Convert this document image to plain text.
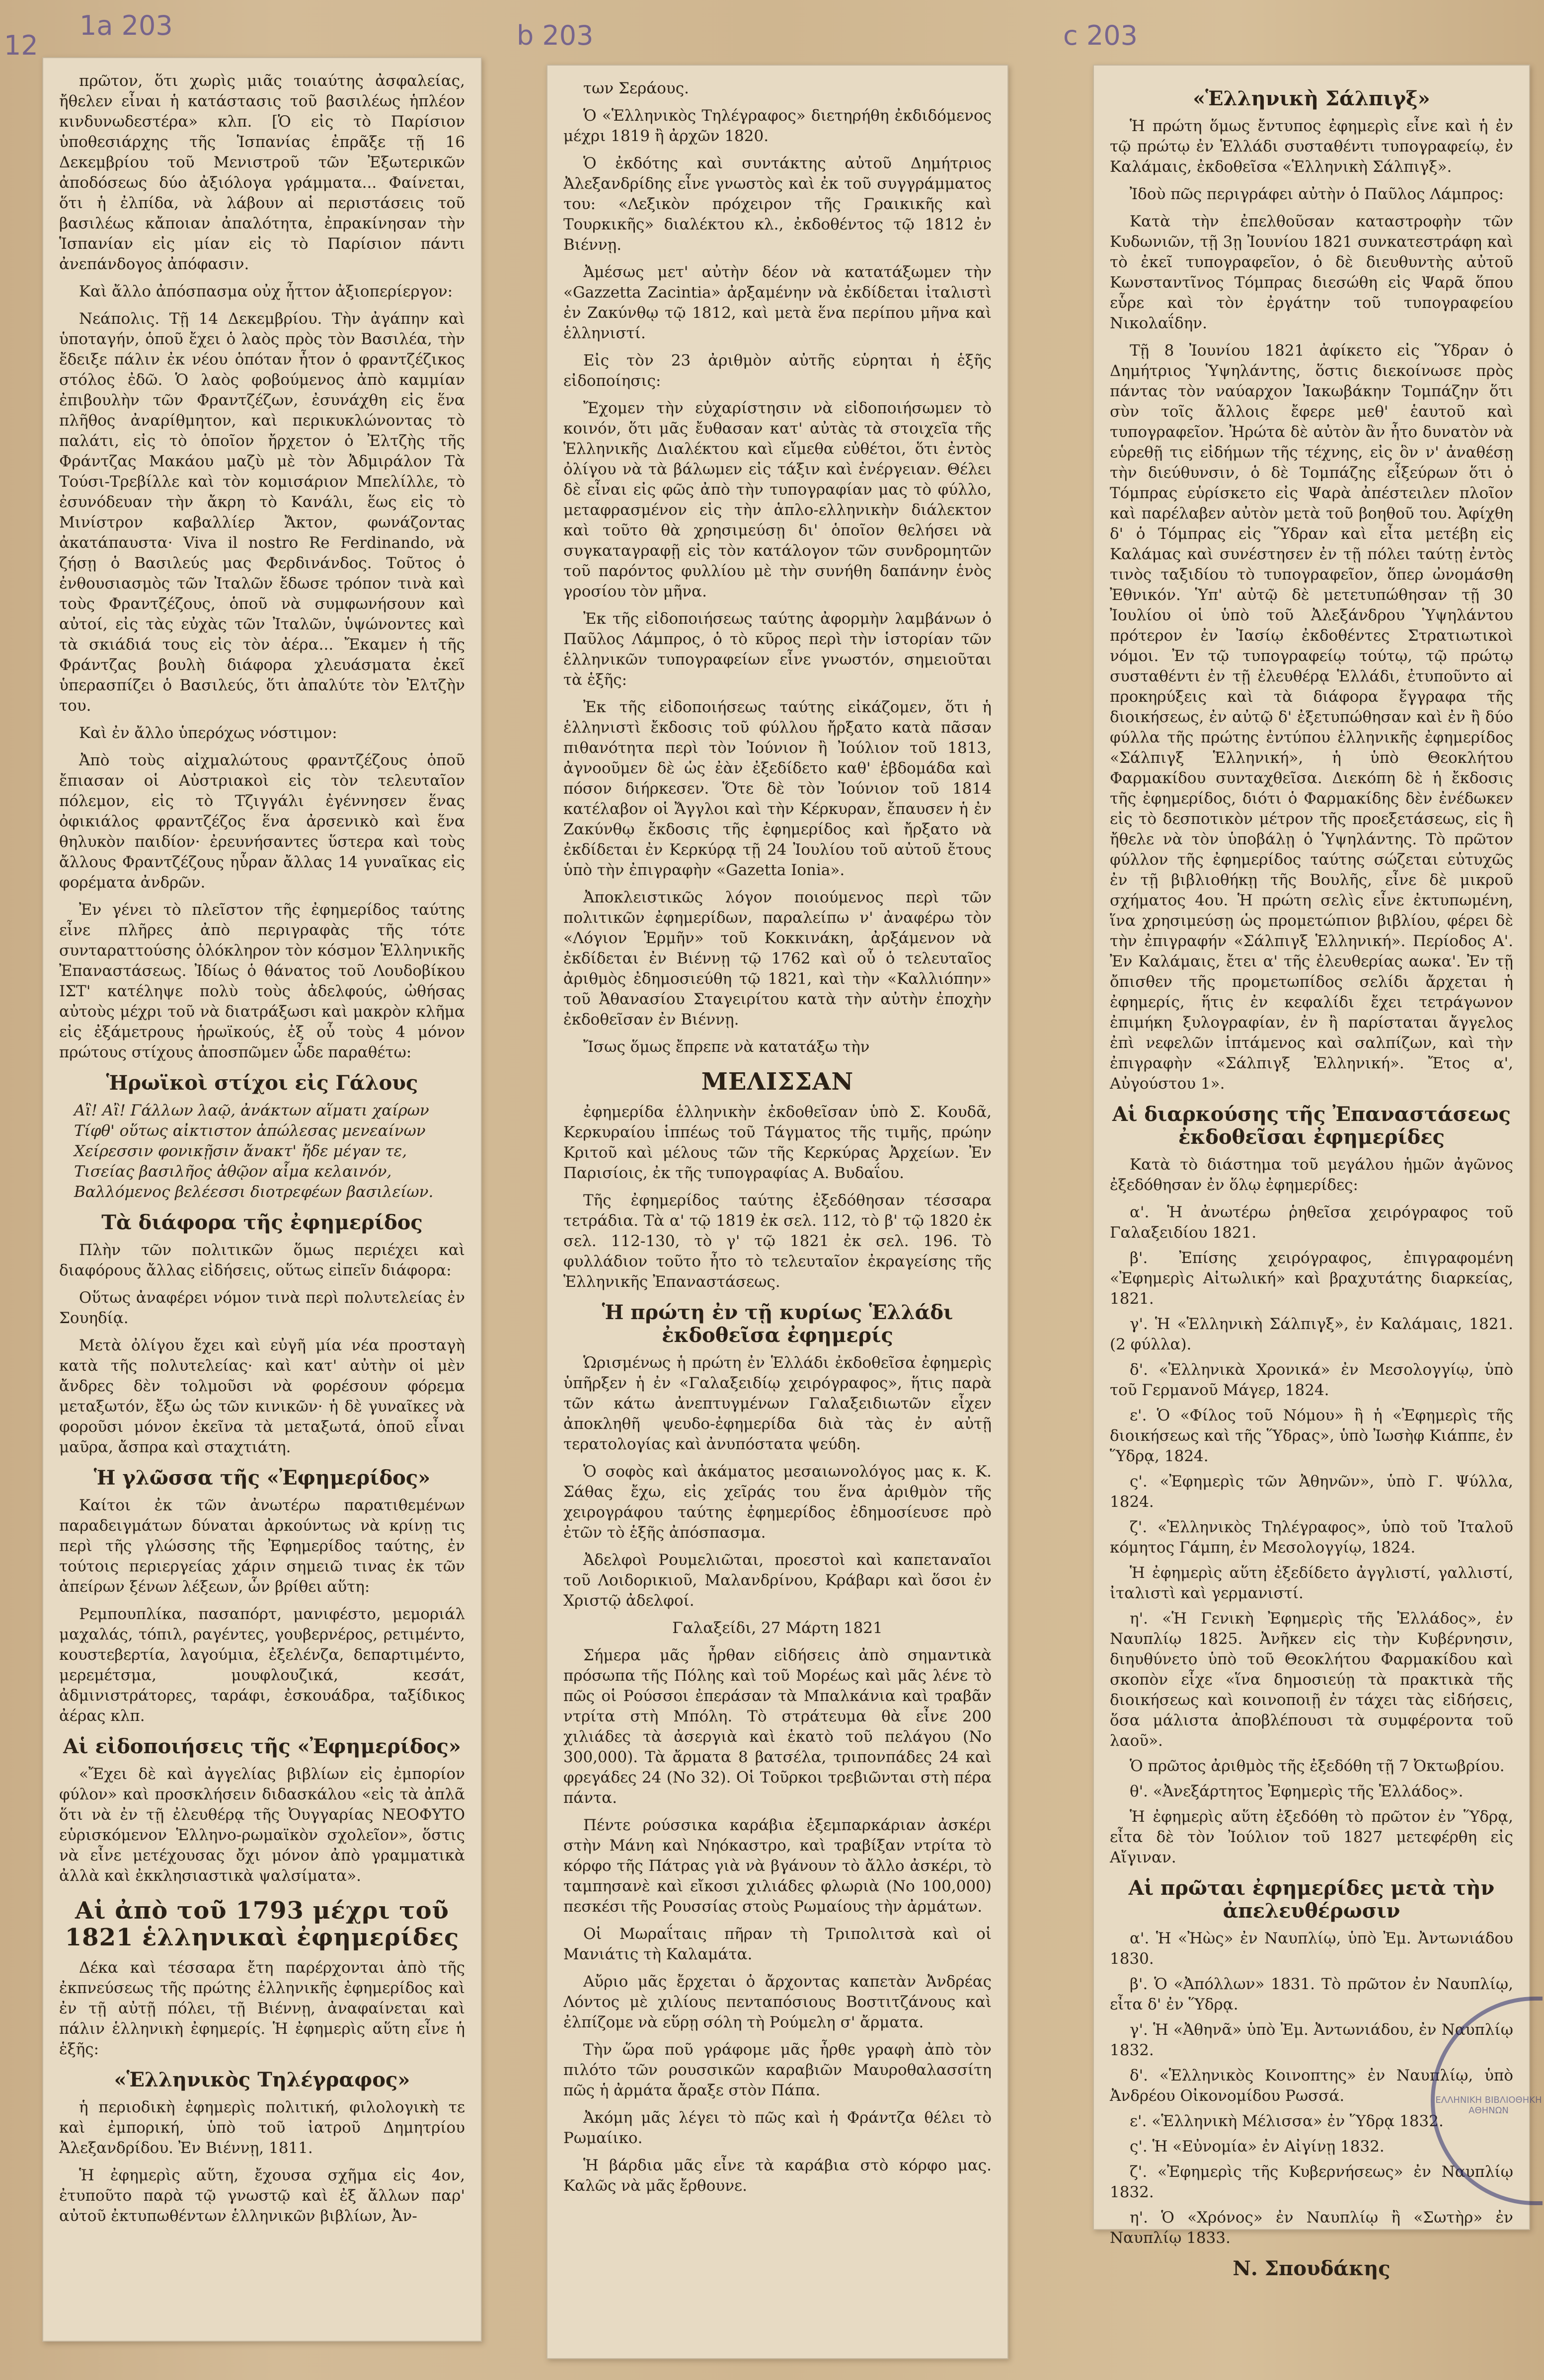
12
1a 203	b 203	c 203

πρῶτον, ὅτι χωρὶς μιᾶς τοιαύτης ἀσφαλείας, ἤθελεν εἶναι ἡ κατάστασις τοῦ βασιλέως ἡπλέον κινδυνωδεστέρα» κλπ. [Ὁ εἰς τὸ Παρίσιον ὑποθεσιάρχης τῆς Ἱσπανίας ἐπρᾶξε τῇ 16 Δεκεμβρίου τοῦ Μενιστροῦ τῶν Ἐξωτερικῶν ἀποδόσεως δύο ἀξιόλογα γράμματα... Φαίνεται, ὅτι ἡ ἐλπίδα, νὰ λάβουν αἱ περιστάσεις τοῦ βασιλέως κἄποιαν ἀπαλότητα, ἐπρακίνησαν τὴν Ἱσπανίαν εἰς μίαν εἰς τὸ Παρίσιον πάντι ἀνεπάνδογος ἀπόφασιν.

Καὶ ἄλλο ἀπόσπασμα οὐχ ἧττον ἀξιοπερίεργον:

Νεάπολις. Τῇ 14 Δεκεμβρίου. Τὴν ἀγάπην καὶ ὑποταγήν, ὁποῦ ἔχει ὁ λαὸς πρὸς τὸν Βασιλέα, τὴν ἔδειξε πάλιν ἐκ νέου ὁπόταν ἦτον ὁ φραντζέζικος στόλος ἐδῶ. Ὁ λαὸς φοβούμενος ἀπὸ καμμίαν ἐπιβουλὴν τῶν Φραντζέζων, ἐσυνάχθη εἰς ἕνα πλῆθος ἀναρίθμητον, καὶ περικυκλώνοντας τὸ παλάτι, εἰς τὸ ὁποῖον ἤρχετον ὁ Ἐλτζὴς τῆς Φράντζας Μακάου μαζὺ μὲ τὸν Ἀδμιράλον Τὰ Τούσι-Τρεβίλλε καὶ τὸν κομισάριον Μπελίλλε, τὸ ἐσυνόδευαν τὴν ἄκρη τὸ Κανάλι, ἕως εἰς τὸ Μινίστρον καβαλλίερ Ἄκτον, φωνάζοντας ἀκατάπαυστα· Viva il nostro Re Ferdinando, νὰ ζήσῃ ὁ Βασιλεύς μας Φερδινάνδος. Τοῦτος ὁ ἐνθουσιασμὸς τῶν Ἰταλῶν ἔδωσε τρόπον τινὰ καὶ τοὺς Φραντζέζους, ὁποῦ νὰ συμφωνήσουν καὶ αὐτοί, εἰς τὰς εὐχὰς τῶν Ἰταλῶν, ὑψώνοντες καὶ τὰ σκιάδιά τους εἰς τὸν ἀέρα... Ἔκαμεν ἡ τῆς Φράντζας βουλὴ διάφορα χλευάσματα ἐκεῖ ὑπερασπίζει ὁ Βασιλεύς, ὅτι ἀπαλύτε τὸν Ἐλτζὴν του.

Καὶ ἐν ἄλλο ὑπερόχως νόστιμον:

Ἀπὸ τοὺς αἰχμαλώτους φραντζέζους ὁποῦ ἔπιασαν οἱ Αὐστριακοὶ εἰς τὸν τελευταῖον πόλεμον, εἰς τὸ Τζιγγάλι ἐγέννησεν ἕνας ὀφικιάλος φραντζέζος ἕνα ἀρσενικὸ καὶ ἕνα θηλυκὸν παιδίον· ἐρευνήσαντες ὕστερα καὶ τοὺς ἄλλους Φραντζέζους ηὗραν ἄλλας 14 γυναῖκας εἰς φορέματα ἀνδρῶν.

Ἐν γένει τὸ πλεῖστον τῆς ἐφημερίδος ταύτης εἶνε πλῆρες ἀπὸ περιγραφὰς τῆς τότε συνταραττούσης ὁλόκληρον τὸν κόσμον Ἑλληνικῆς Ἐπαναστάσεως. Ἰδίως ὁ θάνατος τοῦ Λουδοβίκου ΙΣΤ' κατέληψε πολὺ τοὺς ἀδελφούς, ὠθήσας αὐτοὺς μέχρι τοῦ νὰ διατράξωσι καὶ μακρὸν κλῆμα εἰς ἐξάμετρους ἡρωϊκούς, ἐξ οὗ τοὺς 4 μόνον πρώτους στίχους ἀποσπῶμεν ὧδε παραθέτω:

Ἡρωϊκοὶ στίχοι εἰς Γάλους
Αἲ! Αἲ! Γάλλων λαῷ, ἀνάκτων αἵματι χαίρων
Τίφθ' οὕτως αἰκτιστον ἀπώλεσας μενεαίνων
Χείρεσσιν φονικῇσιν ἄνακτ' ἤδε μέγαν τε,
Τισείας βασιλῆος ἀθῷον αἷμα κελαινόν,
Βαλλόμενος βελέεσσι διοτρεφέων βασιλείων.
Τὰ διάφορα τῆς ἐφημερίδος

Πλὴν τῶν πολιτικῶν ὅμως περιέχει καὶ διαφόρους ἄλλας εἰδήσεις, οὕτως εἰπεῖν διάφορα:

Οὕτως ἀναφέρει νόμον τινὰ περὶ πολυτελείας ἐν Σουηδίᾳ.

Μετὰ ὀλίγου ἔχει καὶ εὐγῆ μία νέα προσταγὴ κατὰ τῆς πολυτελείας· καὶ κατ' αὐτὴν οἱ μὲν ἄνδρες δὲν τολμοῦσι νὰ φορέσουν φόρεμα μεταξωτόν, ἔξω ὡς τῶν κινικῶν· ἡ δὲ γυναῖκες νὰ φοροῦσι μόνον ἐκεῖνα τὰ μεταξωτά, ὁποῦ εἶναι μαῦρα, ἄσπρα καὶ σταχτιάτη.

Ἡ γλῶσσα τῆς «Ἐφημερίδος»

Καίτοι ἐκ τῶν ἀνωτέρω παρατιθεμένων παραδειγμάτων δύναται ἀρκούντως νὰ κρίνῃ τις περὶ τῆς γλώσσης τῆς Ἐφημερίδος ταύτης, ἐν τούτοις περιεργείας χάριν σημειῶ τινας ἐκ τῶν ἀπείρων ξένων λέξεων, ὧν βρίθει αὕτη:

Ρεμπουπλίκα, πασαπόρτ, μανιφέστο, μεμοριάλ μαχαλάς, τόπιλ, ραγέντες, γουβερνέρος, ρετιμέντο, κουστεβερτία, λαγούμια, ἐξελένζα, δεπαρτιμέντο, μερεμέτσμα, μουφλουζικά, κεσάτ, ἀδμινιστράτορες, ταράφι, ἐσκουάδρα, ταξίδικος ἀέρας κλπ.

Αἱ εἰδοποιήσεις τῆς «Ἐφημερίδος»

«Ἔχει δὲ καὶ ἀγγελίας βιβλίων εἰς ἐμπορίον φύλον» καὶ προσκλήσειν διδασκάλου «εἰς τὰ ἀπλᾶ ὅτι νὰ ἐν τῇ ἐλευθέρᾳ τῆς Ὀυγγαρίας ΝΕΟΦΥΤΟ εὑρισκόμενον Ἑλληνο-ρωμαϊκὸν σχολεῖον», ὅστις νὰ εἶνε μετέχουσας ὄχι μόνον ἀπὸ γραμματικὰ ἀλλὰ καὶ ἐκκλησιαστικὰ ψαλσίματα».

Αἱ ἀπὸ τοῦ 1793 μέχρι τοῦ 1821 ἑλληνικαὶ ἐφημερίδες

Δέκα καὶ τέσσαρα ἔτη παρέρχονται ἀπὸ τῆς ἐκπνεύσεως τῆς πρώτης ἑλληνικῆς ἐφημερίδος καὶ ἐν τῇ αὐτῇ πόλει, τῇ Βιέννῃ, ἀναφαίνεται καὶ πάλιν ἑλληνικὴ ἐφημερίς. Ἡ ἐφημερὶς αὕτη εἶνε ἡ ἑξῆς:

«Ἑλληνικὸς Τηλέγραφος»

ἡ περιοδικὴ ἐφημερὶς πολιτική, φιλολογικὴ τε καὶ ἐμπορική, ὑπὸ τοῦ ἰατροῦ Δημητρίου Ἀλεξανδρίδου. Ἐν Βιέννῃ, 1811.

Ἡ ἐφημερὶς αὕτη, ἔχουσα σχῆμα εἰς 4ον, ἐτυποῦτο παρὰ τῷ γνωστῷ καὶ ἐξ ἄλλων παρ' αὐτοῦ ἐκτυπωθέντων ἑλληνικῶν βιβλίων, Ἀν-

των Σεράους.

Ὁ «Ἑλληνικὸς Τηλέγραφος» διετηρήθη ἐκδιδόμενος μέχρι 1819 ἢ ἀρχῶν 1820.

Ὁ ἐκδότης καὶ συντάκτης αὐτοῦ Δημήτριος Ἀλεξανδρίδης εἶνε γνωστὸς καὶ ἐκ τοῦ συγγράμματος του: «Λεξικὸν πρόχειρον τῆς Γραικικῆς καὶ Τουρκικῆς» διαλέκτου κλ., ἐκδοθέντος τῷ 1812 ἐν Βιέννῃ.

Ἀμέσως μετ' αὐτὴν δέον νὰ κατατάξωμεν τὴν «Gazzetta Zacintia» ἀρξαμένην νὰ ἐκδίδεται ἰταλιστὶ ἐν Ζακύνθῳ τῷ 1812, καὶ μετὰ ἕνα περίπου μῆνα καὶ ἑλληνιστί.

Εἰς τὸν 23 ἀριθμὸν αὐτῆς εὑρηται ἡ ἑξῆς εἰδοποίησις:

Ἔχομεν τὴν εὐχαρίστησιν νὰ εἰδοποιήσωμεν τὸ κοινόν, ὅτι μᾶς ἔυθασαν κατ' αὐτὰς τὰ στοιχεῖα τῆς Ἑλληνικῆς Διαλέκτου καὶ εἴμεθα εὐθέτοι, ὅτι ἐντὸς ὀλίγου νὰ τὰ βάλωμεν εἰς τάξιν καὶ ἐνέργειαν. Θέλει δὲ εἶναι εἰς φῶς ἀπὸ τὴν τυπογραφίαν μας τὸ φύλλο, μεταφρασμένον εἰς τὴν ἁπλο-ελληνικὴν διάλεκτον καὶ τοῦτο θὰ χρησιμεύσῃ δι' ὁποῖον θελήσει νὰ συγκαταγραφῇ εἰς τὸν κατάλογον τῶν συνδρομητῶν τοῦ παρόντος φυλλίου μὲ τὴν συνήθη δαπάνην ἑνὸς γροσίου τὸν μῆνα.

Ἐκ τῆς εἰδοποιήσεως ταύτης ἀφορμὴν λαμβάνων ὁ Παῦλος Λάμπρος, ὁ τὸ κῦρος περὶ τὴν ἱστορίαν τῶν ἑλληνικῶν τυπογραφείων εἶνε γνωστόν, σημειοῦται τὰ ἑξῆς:

Ἐκ τῆς εἰδοποιήσεως ταύτης εἰκάζομεν, ὅτι ἡ ἑλληνιστὶ ἔκδοσις τοῦ φύλλου ἤρξατο κατὰ πᾶσαν πιθανότητα περὶ τὸν Ἰούνιον ἢ Ἰούλιον τοῦ 1813, ἀγνοοῦμεν δὲ ὡς ἐὰν ἐξεδίδετο καθ' ἑβδομάδα καὶ πόσον διήρκεσεν. Ὅτε δὲ τὸν Ἰούνιον τοῦ 1814 κατέλαβον οἱ Ἄγγλοι καὶ τὴν Κέρκυραν, ἔπαυσεν ἡ ἐν Ζακύνθῳ ἔκδοσις τῆς ἐφημερίδος καὶ ἤρξατο νὰ ἐκδίδεται ἐν Κερκύρᾳ τῇ 24 Ἰουλίου τοῦ αὐτοῦ ἔτους ὑπὸ τὴν ἐπιγραφὴν «Gazetta Ionia».

Ἀποκλειστικῶς λόγον ποιούμενος περὶ τῶν πολιτικῶν ἐφημερίδων, παραλείπω ν' ἀναφέρω τὸν «Λόγιον Ἑρμῆν» τοῦ Κοκκινάκη, ἀρξάμενον νὰ ἐκδίδεται ἐν Βιέννῃ τῷ 1762 καὶ οὗ ὁ τελευταῖος ἀριθμὸς ἐδημοσιεύθη τῷ 1821, καὶ τὴν «Καλλιόπην» τοῦ Ἀθανασίου Σταγειρίτου κατὰ τὴν αὐτὴν ἐποχὴν ἐκδοθεῖσαν ἐν Βιέννῃ.

Ἴσως ὅμως ἔπρεπε νὰ κατατάξω τὴν

ΜΕΛΙΣΣΑΝ

ἐφημερίδα ἑλληνικὴν ἐκδοθεῖσαν ὑπὸ Σ. Κουδᾶ, Κερκυραίου ἱππέως τοῦ Τάγματος τῆς τιμῆς, πρώην Κριτοῦ καὶ μέλους τῶν τῆς Κερκύρας Ἀρχείων. Ἐν Παρισίοις, ἐκ τῆς τυπογραφίας Α. Βυδαΐου.

Τῆς ἐφημερίδος ταύτης ἐξεδόθησαν τέσσαρα τετράδια. Τὰ α' τῷ 1819 ἐκ σελ. 112, τὸ β' τῷ 1820 ἐκ σελ. 112-130, τὸ γ' τῷ 1821 ἐκ σελ. 196. Τὸ φυλλάδιον τοῦτο ἦτο τὸ τελευταῖον ἐκραγείσης τῆς Ἑλληνικῆς Ἐπαναστάσεως.

Ἡ πρώτη ἐν τῇ κυρίως Ἑλλάδι ἐκδοθεῖσα ἐφημερίς

Ὡρισμένως ἡ πρώτη ἐν Ἑλλάδι ἐκδοθεῖσα ἐφημερὶς ὑπῆρξεν ἡ ἐν «Γαλαξειδίῳ χειρόγραφος», ἥτις παρὰ τῶν κάτω ἀνεπτυγμένων Γαλαξειδιωτῶν εἶχεν ἀποκληθῆ ψευδο-ἐφημερίδα διὰ τὰς ἐν αὐτῇ τερατολογίας καὶ ἀνυπόστατα ψεύδη.

Ὁ σοφὸς καὶ ἀκάματος μεσαιωνολόγος μας κ. Κ. Σάθας ἔχω, εἰς χεῖράς του ἕνα ἀριθμὸν τῆς χειρογράφου ταύτης ἐφημερίδος ἐδημοσίευσε πρὸ ἐτῶν τὸ ἑξῆς ἀπόσπασμα.

Ἀδελφοὶ Ρουμελιῶται, προεστοὶ καὶ καπεταναῖοι τοῦ Λοιδορικιοῦ, Μαλανδρίνου, Κράβαρι καὶ ὅσοι ἐν Χριστῷ ἀδελφοί.

Γαλαξείδι, 27 Μάρτη 1821

Σήμερα μᾶς ἦρθαν εἰδήσεις ἀπὸ σημαντικὰ πρόσωπα τῆς Πόλης καὶ τοῦ Μορέως καὶ μᾶς λένε τὸ πῶς οἱ Ρούσσοι ἐπεράσαν τὰ Μπαλκάνια καὶ τραβᾶν ντρίτα στὴ Μπόλη. Τὸ στράτευμα θὰ εἶνε 200 χιλιάδες τὰ ἀσεργιὰ καὶ ἑκατὸ τοῦ πελάγου (Νο 300,000). Τὰ ἄρματα 8 βατσέλα, τριπονπάδες 24 καὶ φρεγάδες 24 (Νο 32). Οἱ Τοῦρκοι τρεβιῶνται στὴ πέρα πάντα.

Πέντε ρούσσικα καράβια ἐξεμπαρκάριαν ἀσκέρι στὴν Μάνη καὶ Νηόκαστρο, καὶ τραβίξαν ντρίτα τὸ κόρφο τῆς Πάτρας γιὰ νὰ βγάνουν τὸ ἄλλο ἀσκέρι, τὸ ταμπησανὲ καὶ εἴκοσι χιλιάδες φλωριὰ (Νο 100,000) πεσκέσι τῆς Ρουσσίας στοὺς Ρωμαίους τὴν ἀρμάτων.

Οἱ Μωραΐταις πῆραν τὴ Τριπολιτσὰ καὶ οἱ Μανιάτις τὴ Καλαμάτα.

Αὔριο μᾶς ἔρχεται ὁ ἄρχοντας καπετὰν Ἀνδρέας Λόντος μὲ χιλίους πενταπόσιους Βοστιτζάνους καὶ ἐλπίζομε νὰ εὕρῃ σόλη τὴ Ρούμελη σ' ἄρματα.

Τὴν ὥρα ποῦ γράφομε μᾶς ἦρθε γραφὴ ἀπὸ τὸν πιλότο τῶν ρουσσικῶν καραβιῶν Μαυροθαλασσίτη πῶς ἡ ἀρμάτα ἄραξε στὸν Πάπα.

Ἀκόμη μᾶς λέγει τὸ πῶς καὶ ἡ Φράντζα θέλει τὸ Ρωμαίικο.

Ἡ βάρδια μᾶς εἶνε τὰ καράβια στὸ κόρφο μας. Καλῶς νὰ μᾶς ἔρθουνε.

«Ἑλληνικὴ Σάλπιγξ»

Ἡ πρώτη ὅμως ἔντυπος ἐφημερὶς εἶνε καὶ ἡ ἐν τῷ πρώτῳ ἐν Ἑλλάδι συσταθέντι τυπογραφείῳ, ἐν Καλάμαις, ἐκδοθεῖσα «Ἑλληνικὴ Σάλπιγξ».

Ἰδοὺ πῶς περιγράφει αὐτὴν ὁ Παῦλος Λάμπρος:

Κατὰ τὴν ἐπελθοῦσαν καταστροφὴν τῶν Κυδωνιῶν, τῇ 3ῃ Ἰουνίου 1821 συνκατεστράφη καὶ τὸ ἐκεῖ τυπογραφεῖον, ὁ δὲ διευθυντὴς αὐτοῦ Κωνσταντῖνος Τόμπρας διεσώθη εἰς Ψαρᾶ ὅπου εὗρε καὶ τὸν ἐργάτην τοῦ τυπογραφείου Νικολαΐδην.

Τῇ 8 Ἰουνίου 1821 ἀφίκετο εἰς Ὕδραν ὁ Δημήτριος Ὑψηλάντης, ὅστις διεκοίνωσε πρὸς πάντας τὸν ναύαρχον Ἰακωβάκην Τομπάζην ὅτι σὺν τοῖς ἄλλοις ἔφερε μεθ' ἑαυτοῦ καὶ τυπογραφεῖον. Ἠρώτα δὲ αὐτὸν ἂν ἦτο δυνατὸν νὰ εὑρεθῇ τις εἰδήμων τῆς τέχνης, εἰς ὃν ν' ἀναθέσῃ τὴν διεύθυνσιν, ὁ δὲ Τομπάζης εἶξεύρων ὅτι ὁ Τόμπρας εὑρίσκετο εἰς Ψαρὰ ἀπέστειλεν πλοῖον καὶ παρέλαβεν αὐτὸν μετὰ τοῦ βοηθοῦ του. Ἀφίχθη δ' ὁ Τόμπρας εἰς Ὕδραν καὶ εἶτα μετέβη εἰς Καλάμας καὶ συνέστησεν ἐν τῇ πόλει ταύτῃ ἐντὸς τινὸς ταξιδίου τὸ τυπογραφεῖον, ὅπερ ὠνομάσθη Ἐθνικόν. Ὑπ' αὐτῷ δὲ μετετυπώθησαν τῇ 30 Ἰουλίου οἱ ὑπὸ τοῦ Ἀλεξάνδρου Ὑψηλάντου πρότερον ἐν Ἰασίῳ ἐκδοθέντες Στρατιωτικοὶ νόμοι. Ἐν τῷ τυπογραφείῳ τούτῳ, τῷ πρώτῳ συσταθέντι ἐν τῇ ἐλευθέρᾳ Ἑλλάδι, ἐτυποῦντο αἱ προκηρύξεις καὶ τὰ διάφορα ἔγγραφα τῆς διοικήσεως, ἐν αὐτῷ δ' ἐξετυπώθησαν καὶ ἐν ἢ δύο φύλλα τῆς πρώτης ἐντύπου ἑλληνικῆς ἐφημερίδος «Σάλπιγξ Ἑλληνική», ἡ ὑπὸ Θεοκλήτου Φαρμακίδου συνταχθεῖσα. Διεκόπη δὲ ἡ ἔκδοσις τῆς ἐφημερίδος, διότι ὁ Φαρμακίδης δὲν ἐνέδωκεν εἰς τὸ δεσποτικὸν μέτρον τῆς προεξετάσεως, εἰς ἣ ἤθελε νὰ τὸν ὑποβάλῃ ὁ Ὑψηλάντης. Τὸ πρῶτον φύλλον τῆς ἐφημερίδος ταύτης σώζεται εὐτυχῶς ἐν τῇ βιβλιοθήκῃ τῆς Βουλῆς, εἶνε δὲ μικροῦ σχήματος 4ου. Ἡ πρώτη σελὶς εἶνε ἐκτυπωμένη, ἵνα χρησιμεύσῃ ὡς προμετώπιον βιβλίου, φέρει δὲ τὴν ἐπιγραφήν «Σάλπιγξ Ἑλληνική». Περίοδος Α'. Ἐν Καλάμαις, ἔτει α' τῆς ἐλευθερίας αωκα'. Ἐν τῇ ὄπισθεν τῆς προμετωπίδος σελίδι ἄρχεται ἡ ἐφημερίς, ἥτις ἐν κεφαλίδι ἔχει τετράγωνον ἐπιμήκη ξυλογραφίαν, ἐν ἢ παρίσταται ἄγγελος ἐπὶ νεφελῶν ἱπτάμενος καὶ σαλπίζων, καὶ τὴν ἐπιγραφὴν «Σάλπιγξ Ἑλληνική». Ἔτος α', Αὐγούστου 1».

Αἱ διαρκούσης τῆς Ἐπαναστάσεως ἐκδοθεῖσαι ἐφημερίδες

Κατὰ τὸ διάστημα τοῦ μεγάλου ἡμῶν ἀγῶνος ἐξεδόθησαν ἐν ὅλῳ ἐφημερίδες:

α'. Ἡ ἀνωτέρω ῥηθεῖσα χειρόγραφος τοῦ Γαλαξειδίου 1821.
β'. Ἐπίσης χειρόγραφος, ἐπιγραφομένη «Ἐφημερὶς Αἰτωλική» καὶ βραχυτάτης διαρκείας, 1821.
γ'. Ἡ «Ἑλληνικὴ Σάλπιγξ», ἐν Καλάμαις, 1821. (2 φύλλα).
δ'. «Ἑλληνικὰ Χρονικά» ἐν Μεσολογγίῳ, ὑπὸ τοῦ Γερμανοῦ Μάγερ, 1824.
ε'. Ὁ «Φίλος τοῦ Νόμου» ἢ ἡ «Ἐφημερὶς τῆς διοικήσεως καὶ τῆς Ὕδρας», ὑπὸ Ἰωσὴφ Κιάππε, ἐν Ὕδρᾳ, 1824.
ς'. «Ἐφημερὶς τῶν Ἀθηνῶν», ὑπὸ Γ. Ψύλλα, 1824.
ζ'. «Ἑλληνικὸς Τηλέγραφος», ὑπὸ τοῦ Ἰταλοῦ κόμητος Γάμπη, ἐν Μεσολογγίῳ, 1824.
Ἡ ἐφημερὶς αὕτη ἐξεδίδετο ἀγγλιστί, γαλλιστί, ἰταλιστὶ καὶ γερμανιστί.
η'. «Ἡ Γενικὴ Ἐφημερὶς τῆς Ἑλλάδος», ἐν Ναυπλίῳ 1825. Ἀνῆκεν εἰς τὴν Κυβέρνησιν, διηυθύνετο ὑπὸ τοῦ Θεοκλήτου Φαρμακίδου καὶ σκοπὸν εἶχε «ἵνα δημοσιεύῃ τὰ πρακτικὰ τῆς διοικήσεως καὶ κοινοποιῇ ἐν τάχει τὰς εἰδήσεις, ὅσα μάλιστα ἀποβλέπουσι τὰ συμφέροντα τοῦ λαοῦ».
Ὁ πρῶτος ἀριθμὸς τῆς ἐξεδόθη τῇ 7 Ὀκτωβρίου.
θ'. «Ἀνεξάρτητος Ἐφημερὶς τῆς Ἑλλάδος».
Ἡ ἐφημερὶς αὕτη ἐξεδόθη τὸ πρῶτον ἐν Ὕδρᾳ, εἶτα δὲ τὸν Ἰούλιον τοῦ 1827 μετεφέρθη εἰς Αἴγιναν.
Αἱ πρῶται ἐφημερίδες μετὰ τὴν ἀπελευθέρωσιν
α'. Ἡ «Ἠὼς» ἐν Ναυπλίῳ, ὑπὸ Ἐμ. Ἀντωνιάδου 1830.
β'. Ὁ «Ἀπόλλων» 1831. Τὸ πρῶτον ἐν Ναυπλίῳ, εἶτα δ' ἐν Ὕδρᾳ.
γ'. Ἡ «Ἀθηνᾶ» ὑπὸ Ἐμ. Ἀντωνιάδου, ἐν Ναυπλίῳ 1832.
δ'. «Ἑλληνικὸς Κοινοπτης» ἐν Ναυπλίῳ, ὑπὸ Ἀνδρέου Οἰκονομίδου Ρωσσά.
ε'. «Ἑλληνικὴ Μέλισσα» ἐν Ὕδρᾳ 1832.
ς'. Ἡ «Εὐνομία» ἐν Αἰγίνῃ 1832.
ζ'. «Ἐφημερὶς τῆς Κυβερνήσεως» ἐν Ναυπλίῳ 1832.
η'. Ὁ «Χρόνος» ἐν Ναυπλίῳ ἢ «Σωτὴρ» ἐν Ναυπλίῳ 1833.
Ν. Σπουδάκης
ΕΛΛΗΝΙΚΗ ΒΙΒΛΙΟΘΗΚΗ ΑΘΗΝΩΝ
